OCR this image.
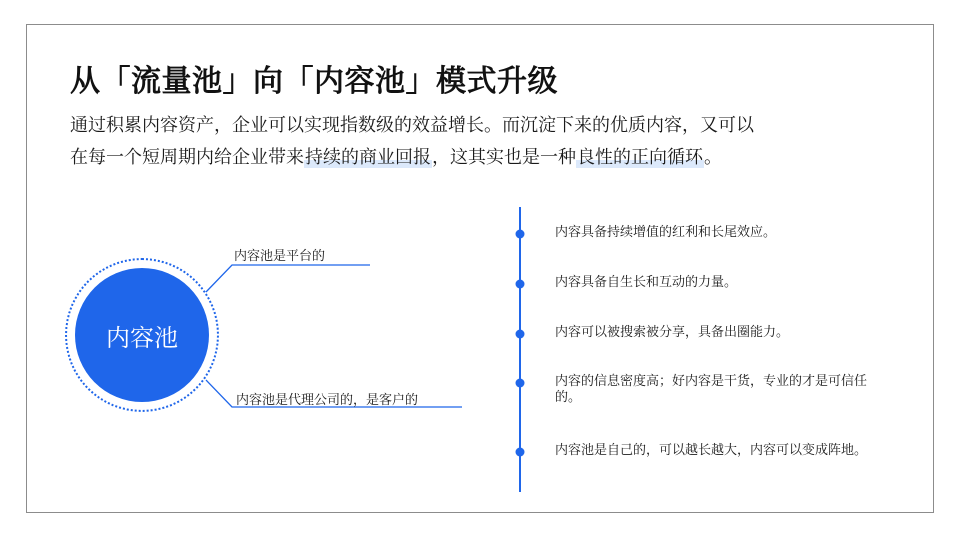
从「流量池」向「内容池」模式升级
通过积累内容资产，企业可以实现指数级的效益增长。而沉淀下来的优质内容，又可以
在每一个短周期内给企业带来持续的商业回报，这其实也是一种良性的正向循环。
内容池
内容池是平台的
内容池是代理公司的，是客户的
内容具备持续增值的红利和长尾效应。
内容具备自生长和互动的力量。
内容可以被搜索被分享，具备出圈能力。
内容的信息密度高；好内容是干货，专业的才是可信任的。
内容池是自己的，可以越长越大，内容可以变成阵地。
